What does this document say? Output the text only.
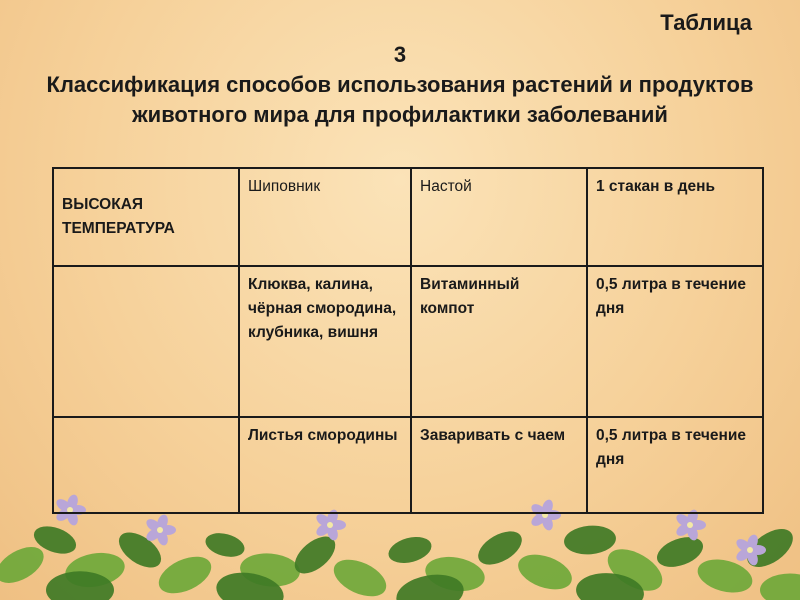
Таблица
3
Классификация способов использования растений и продуктов животного мира для профилактики заболеваний
ВЫСОКАЯ ТЕМПЕРАТУРА	Шиповник	Настой	1 стакан в день
	Клюква, калина, чёрная смородина, клубника, вишня	Витаминный компот	0,5 литра в течение дня
	Листья смородины	Заваривать с чаем	0,5 литра в течение дня
